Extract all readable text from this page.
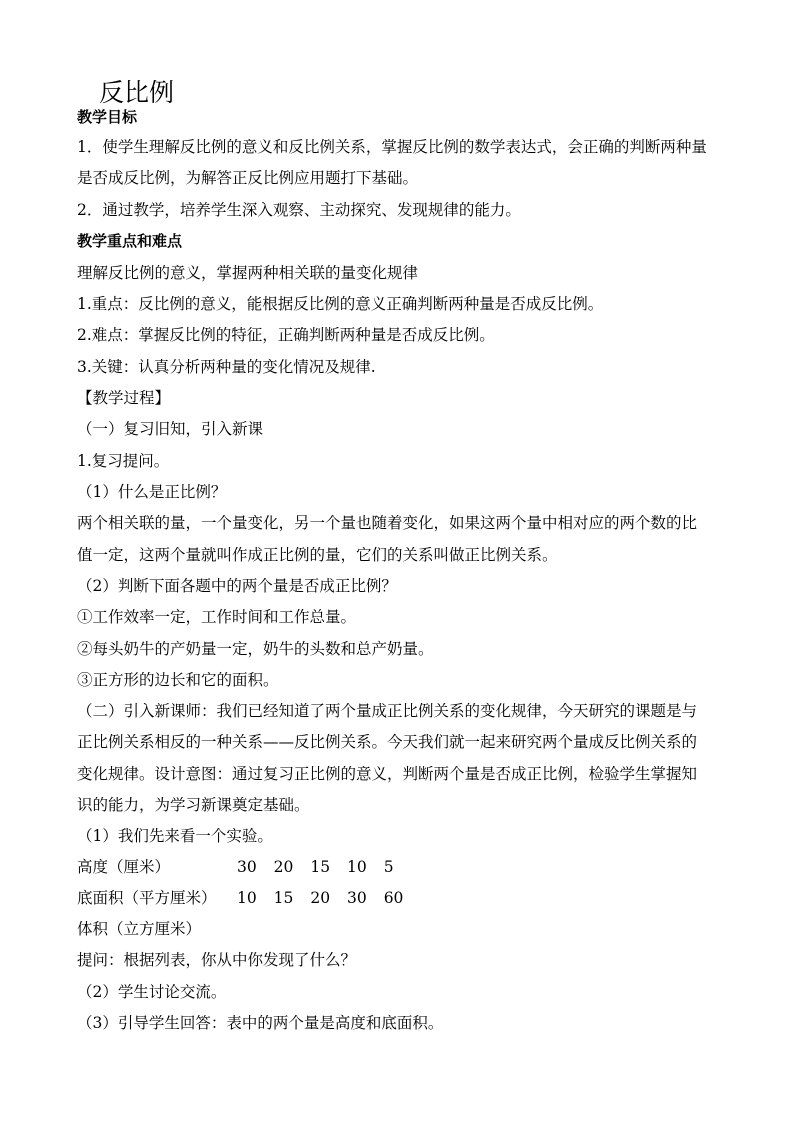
反比例
教学目标
1．使学生理解反比例的意义和反比例关系，掌握反比例的数学表达式，会正确的判断两种量
是否成反比例，为解答正反比例应用题打下基础。
2．通过教学，培养学生深入观察、主动探究、发现规律的能力。
教学重点和难点
理解反比例的意义，掌握两种相关联的量变化规律
1.重点：反比例的意义，能根据反比例的意义正确判断两种量是否成反比例。
2.难点：掌握反比例的特征，正确判断两种量是否成反比例。
3.关键：认真分析两种量的变化情况及规律.
【教学过程】
（一）复习旧知，引入新课
1.复习提问。
（1）什么是正比例？
两个相关联的量，一个量变化，另一个量也随着变化，如果这两个量中相对应的两个数的比
值一定，这两个量就叫作成正比例的量，它们的关系叫做正比例关系。
（2）判断下面各题中的两个量是否成正比例？
①工作效率一定，工作时间和工作总量。
②每头奶牛的产奶量一定，奶牛的头数和总产奶量。
③正方形的边长和它的面积。
（二）引入新课师：我们已经知道了两个量成正比例关系的变化规律，今天研究的课题是与
正比例关系相反的一种关系——反比例关系。今天我们就一起来研究两个量成反比例关系的
变化规律。设计意图：通过复习正比例的意义，判断两个量是否成正比例，检验学生掌握知
识的能力，为学习新课奠定基础。
（1）我们先来看一个实验。
高度（厘米）	30 20 15 10 5
底面积（平方厘米） 10 15 20 30 60
体积（立方厘米）
提问：根据列表，你从中你发现了什么？
（2）学生讨论交流。
（3）引导学生回答：表中的两个量是高度和底面积。
